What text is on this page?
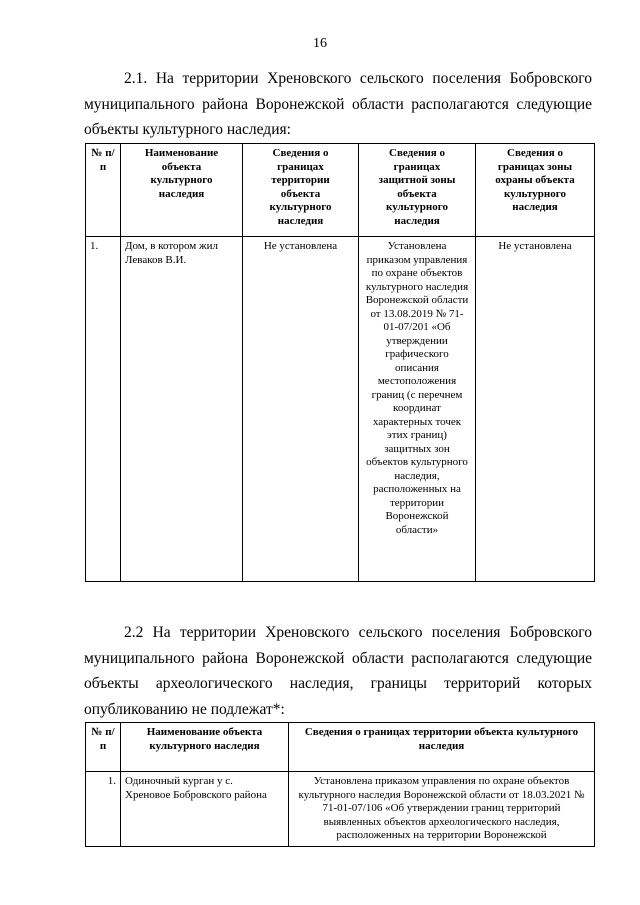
16

2.1. На территории Хреновского сельского поселения Бобровского
муниципального района Воронежской области располагаются следующие
объекты культурного наследия:

№ п/п	Наименование объекта культурного наследия	Сведения о границах территории объекта культурного наследия	Сведения о границах защитной зоны объекта культурного наследия	Сведения о границах зоны охраны объекта культурного наследия
1.	Дом, в котором жил Леваков В.И.	Не установлена	Установлена приказом управления по охране объектов культурного наследия Воронежской области от 13.08.2019 № 71-01-07/201 «Об утверждении графического описания местоположения границ (с перечнем координат характерных точек этих границ) защитных зон объектов культурного наследия, расположенных на территории Воронежской области»	Не установлена

2.2 На территории Хреновского сельского поселения Бобровского
муниципального района Воронежской области располагаются следующие
объекты археологического наследия, границы территорий которых
опубликованию не подлежат*:

№ п/п	Наименование объекта культурного наследия	Сведения о границах территории объекта культурного наследия
1.	Одиночный курган у с. Хреновое Бобровского района	Установлена приказом управления по охране объектов культурного наследия Воронежской области от 18.03.2021 № 71-01-07/106 «Об утверждении границ территорий выявленных объектов археологического наследия, расположенных на территории Воронежской
